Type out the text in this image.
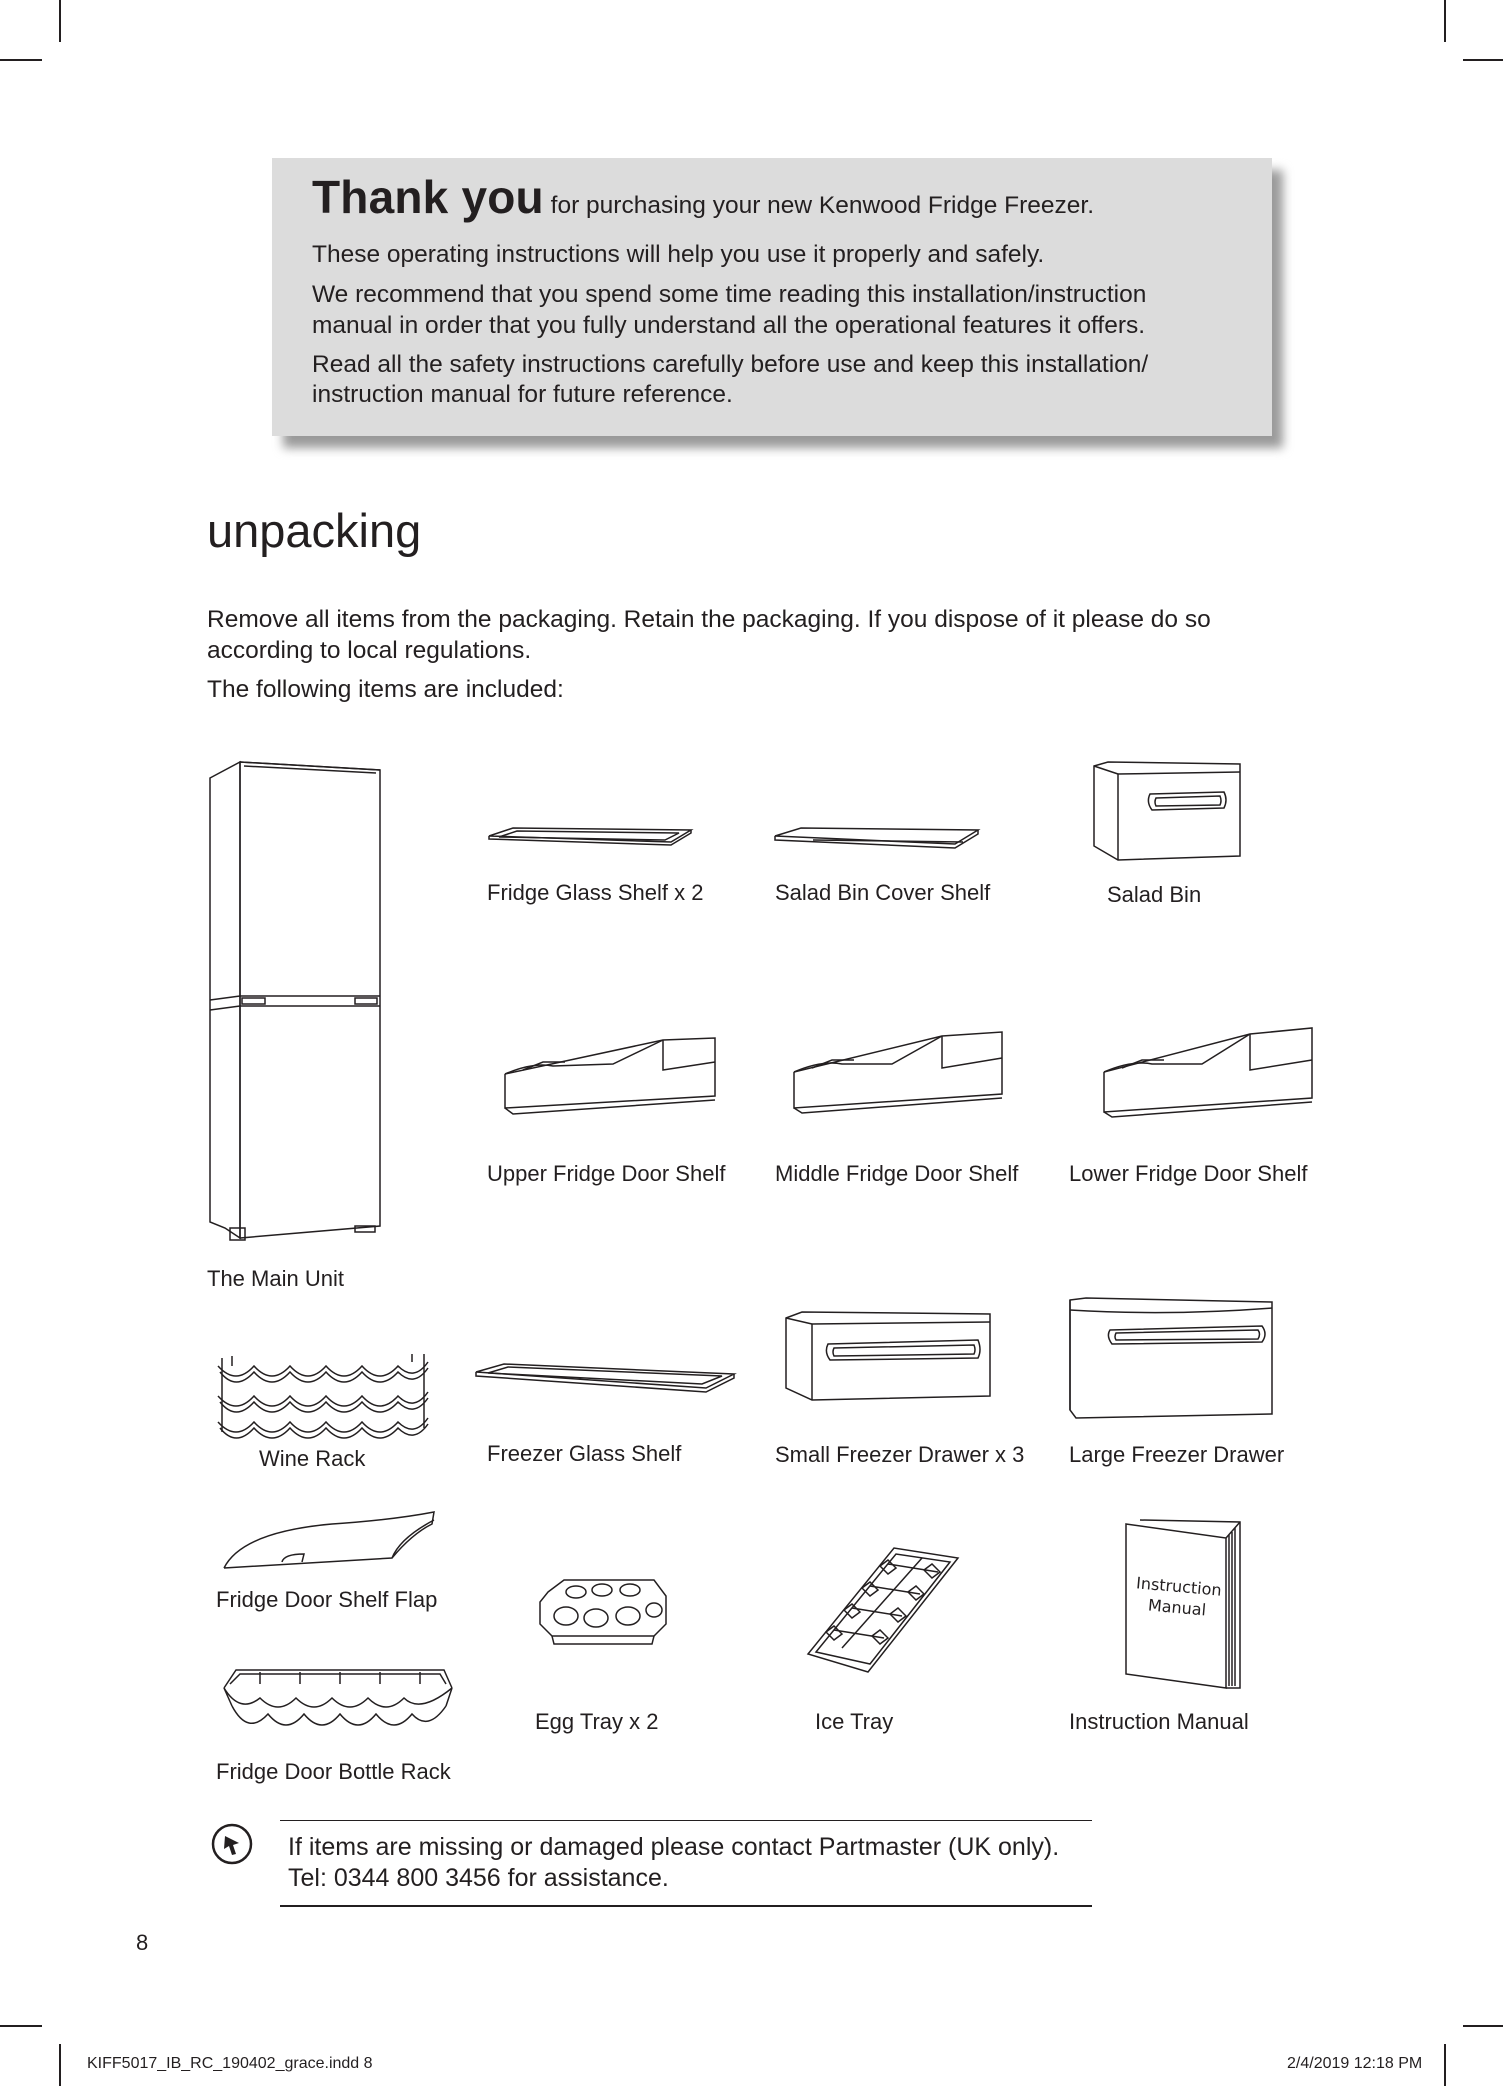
Thank you for purchasing your new Kenwood Fridge Freezer.
These operating instructions will help you use it properly and safely.
We recommend that you spend some time reading this installation/instruction
manual in order that you fully understand all the operational features it offers.
Read all the safety instructions carefully before use and keep this installation/
instruction manual for future reference.
unpacking
Remove all items from the packaging. Retain the packaging. If you dispose of it please do so
according to local regulations.
The following items are included:
The Main Unit
Fridge Glass Shelf x 2	Salad Bin Cover Shelf	Salad Bin
Upper Fridge Door Shelf Middle Fridge Door Shelf Lower Fridge Door Shelf
Wine Rack	Freezer Glass Shelf	Small Freezer Drawer x 3 Large Freezer Drawer
Fridge Door Shelf Flap
Fridge Door Bottle Rack
Egg Tray x 2	Ice Tray
Instruction
Manual
Instruction Manual
If items are missing or damaged please contact Partmaster (UK only).
Tel: 0344 800 3456 for assistance.
8
KIFF5017_IB_RC_190402_grace.indd 8	2/4/2019 12:18 PM
